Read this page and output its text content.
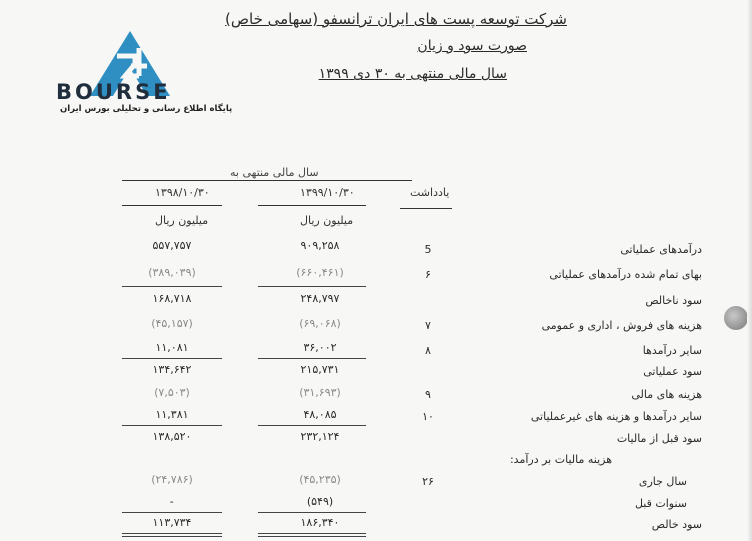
شرکت توسعه پست های ایران ترانسفو (سهامی خاص)
صورت سود و زیان
سال مالی منتهی به ۳۰ دی ۱۳۹۹
BOURSE
پایگاه اطلاع رسانی و تحلیلی بورس ایران
سال مالی منتهی به
۱۳۹۹/۱۰/۳۰
۱۳۹۸/۱۰/۳۰	یادداشت
میلیون ریال
میلیون ریال
درآمدهای عملیاتی
5
۹۰۹,۲۵۸
۵۵۷,۷۵۷
بهای تمام شده درآمدهای عملیاتی
۶
(۶۶۰,۴۶۱)
(۳۸۹,۰۳۹)
سود ناخالص
۲۴۸,۷۹۷
۱۶۸,۷۱۸
هزینه های فروش ، اداری و عمومی
۷
(۶۹,۰۶۸)
(۴۵,۱۵۷)
سایر درآمدها
۸
۳۶,۰۰۲
۱۱,۰۸۱
سود عملیاتی
۲۱۵,۷۳۱
۱۳۴,۶۴۲
هزینه های مالی
۹
(۳۱,۶۹۳)
(۷,۵۰۳)
سایر درآمدها و هزینه های غیرعملیاتی
۱۰
۴۸,۰۸۵
۱۱,۳۸۱
سود قبل از مالیات
۲۳۲,۱۲۴
۱۳۸,۵۲۰
هزینه مالیات بر درآمد:
سال جاری
۲۶
(۴۵,۲۳۵)
(۲۴,۷۸۶)
سنوات قبل
(۵۴۹)
-
سود خالص
۱۸۶,۳۴۰
۱۱۳,۷۳۴
